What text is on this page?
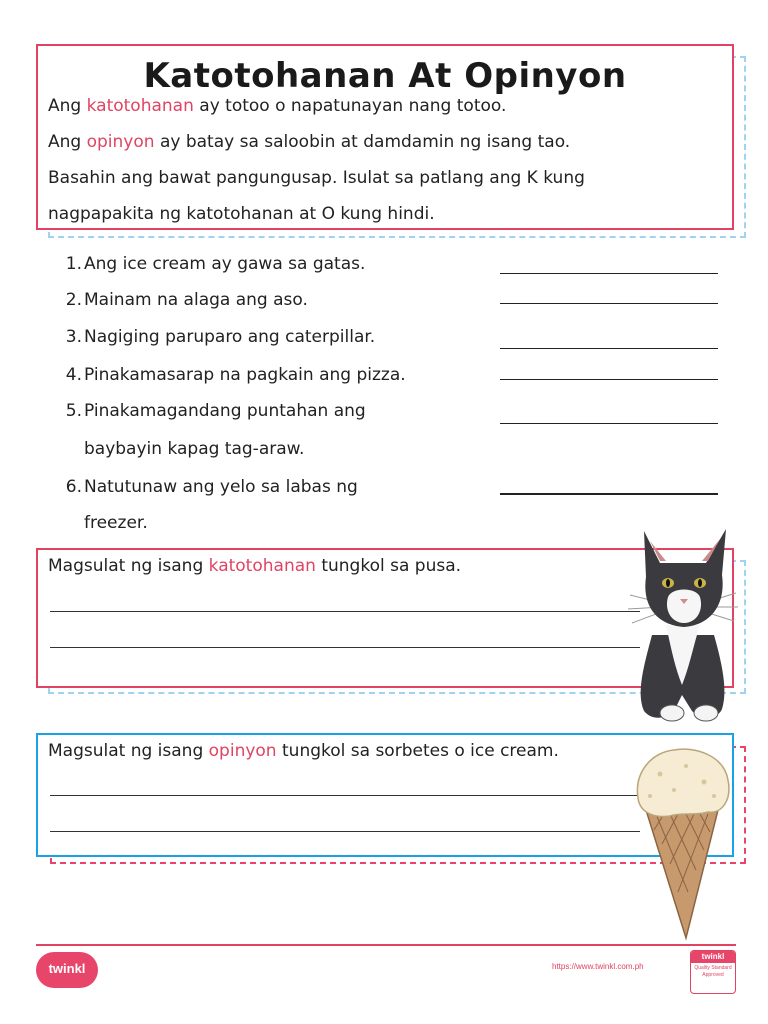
Katotohanan At Opinyon
Ang katotohanan ay totoo o napatunayan nang totoo.
Ang opinyon ay batay sa saloobin at damdamin ng isang tao.
Basahin ang bawat pangungusap. Isulat sa patlang ang K kung
nagpapakita ng katotohanan at O kung hindi.
1. Ang ice cream ay gawa sa gatas.
2. Mainam na alaga ang aso.
3. Nagiging paruparo ang caterpillar.
4. Pinakamasarap na pagkain ang pizza.
5. Pinakamagandang puntahan ang
baybayin kapag tag-araw.
6. Natutunaw ang yelo sa labas ng
freezer.
Magsulat ng isang katotohanan tungkol sa pusa.
Magsulat ng isang opinyon tungkol sa sorbetes o ice cream.
twinkl	https://www.twinkl.com.ph
twinkl
Quality Standard Approved
